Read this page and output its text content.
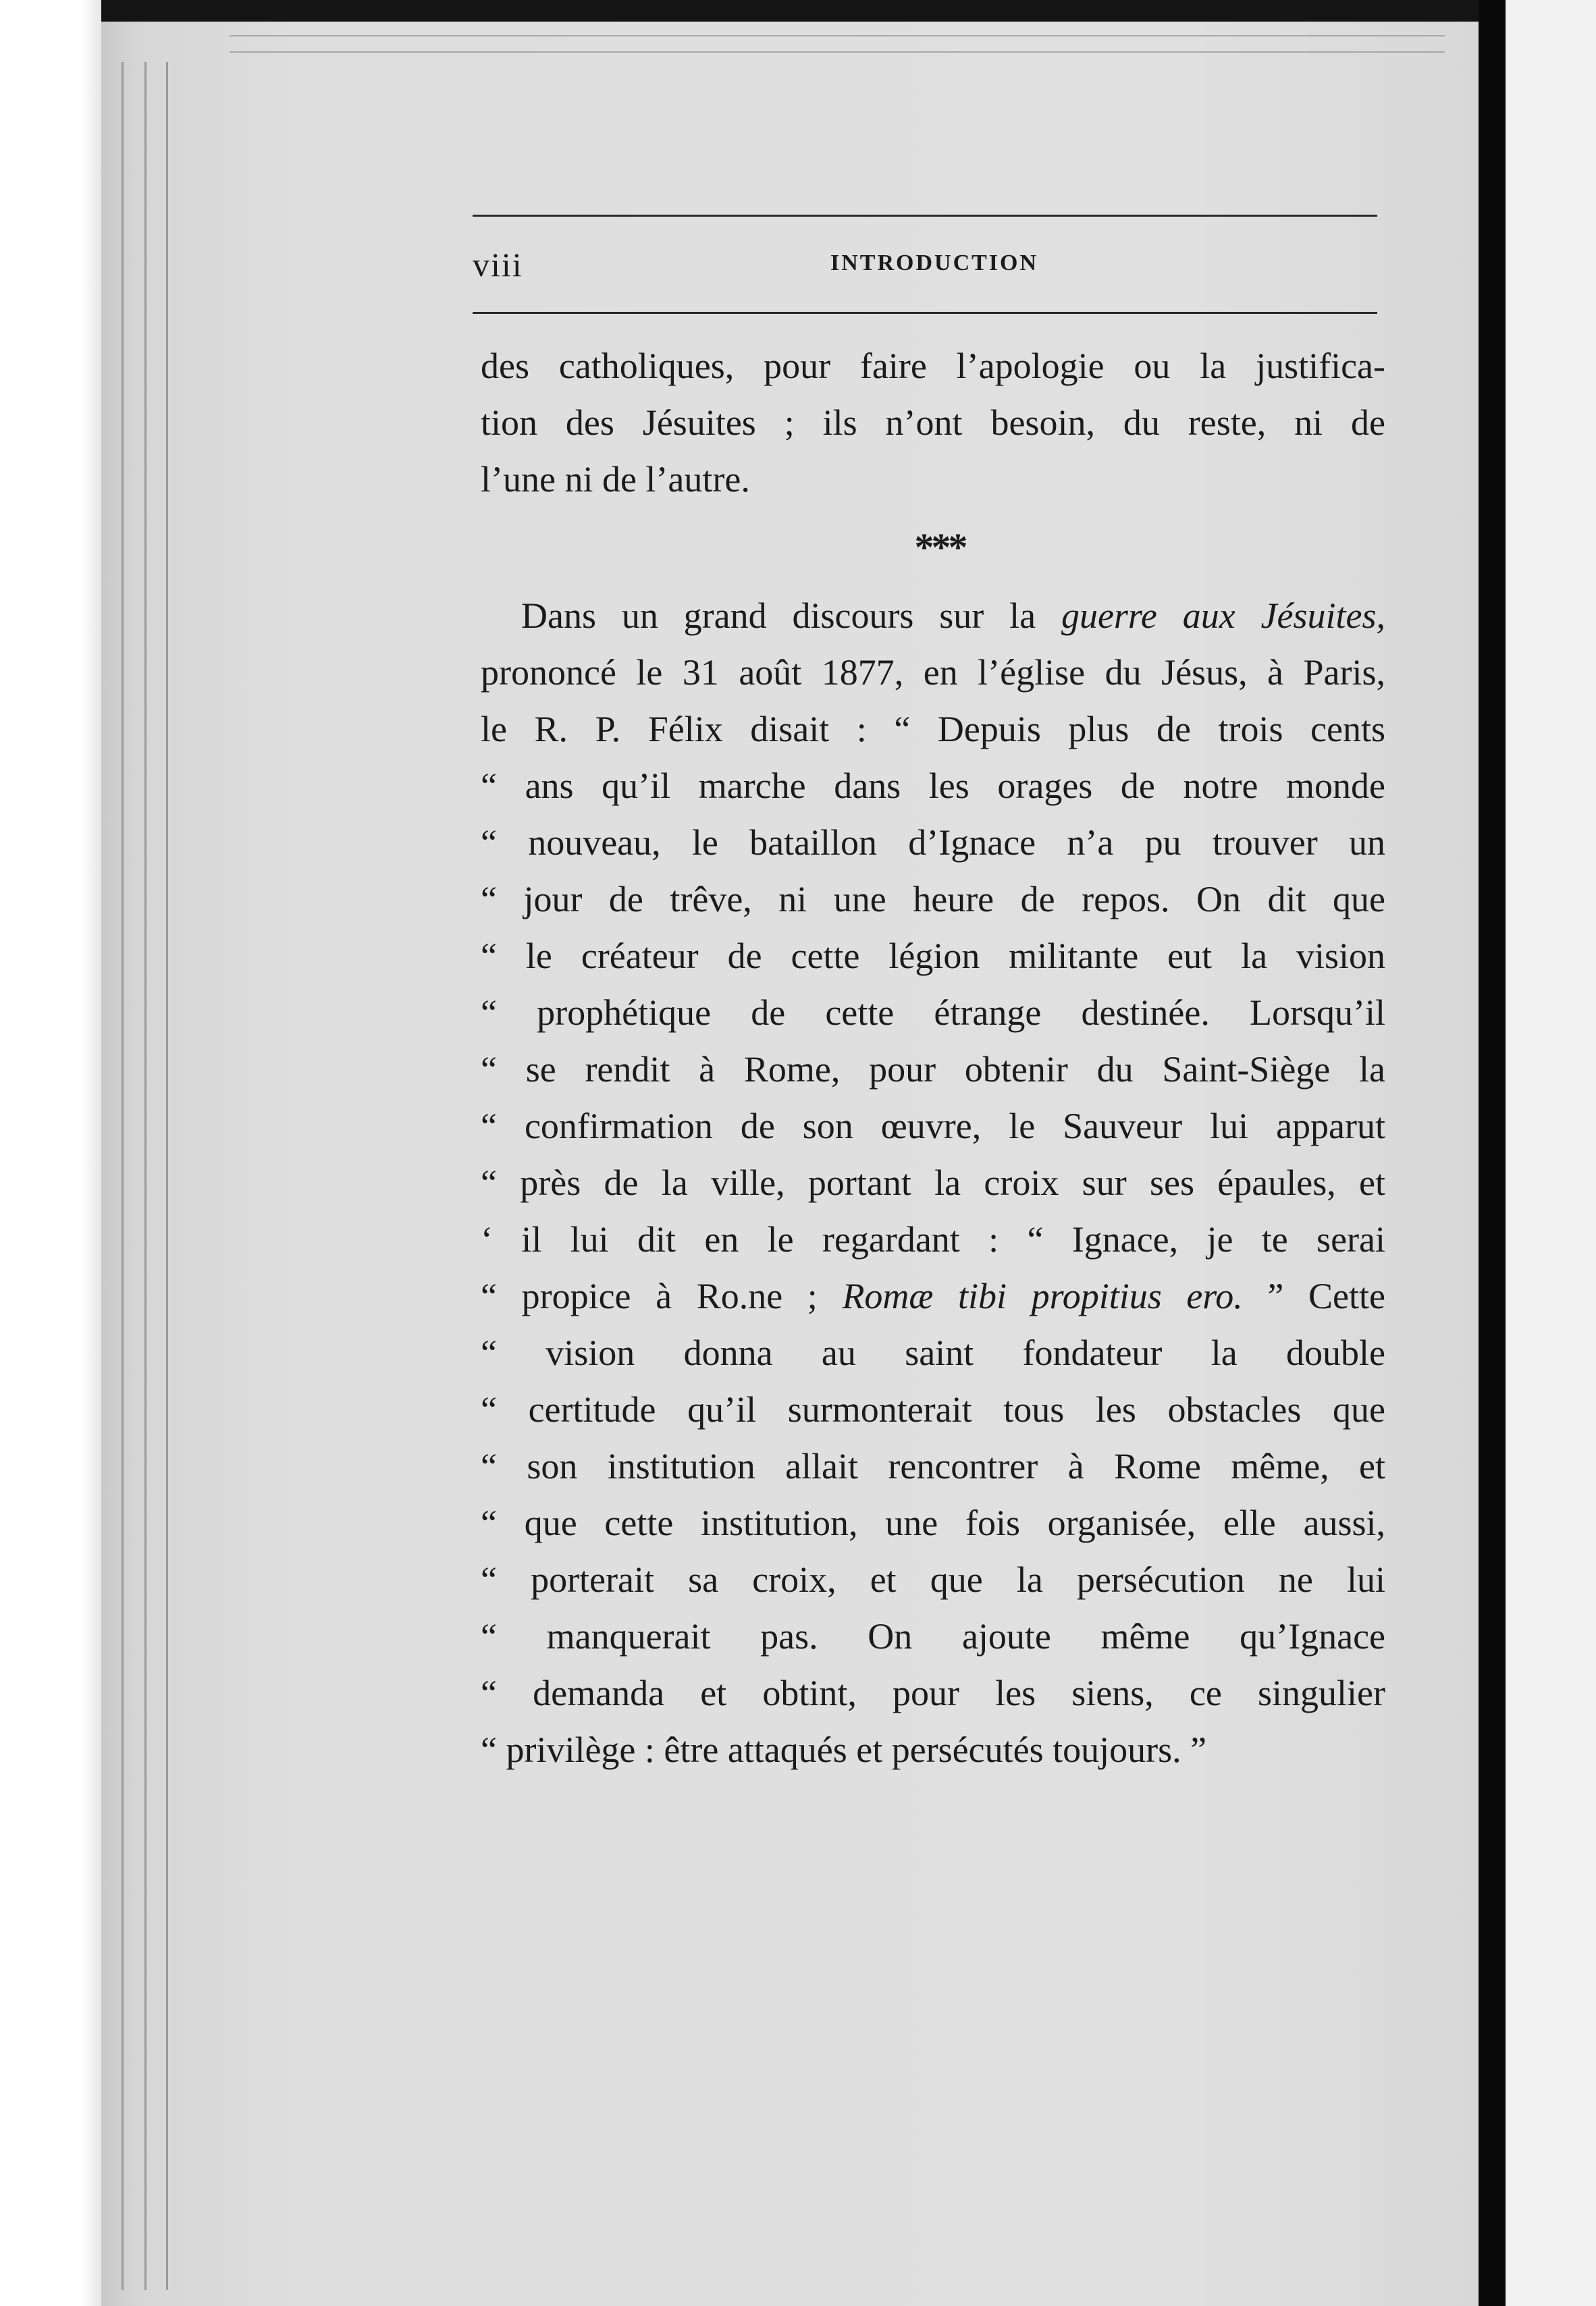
viii	INTRODUCTION
des catholiques, pour faire l’apologie ou la justifica-
tion des Jésuites ; ils n’ont besoin, du reste, ni de
l’une ni de l’autre.
***
Dans un grand discours sur la guerre aux Jésuites,
prononcé le 31 août 1877, en l’église du Jésus, à Paris,
le R. P. Félix disait : “ Depuis plus de trois cents
“ ans qu’il marche dans les orages de notre monde
“ nouveau, le bataillon d’Ignace n’a pu trouver un
“ jour de trêve, ni une heure de repos. On dit que
“ le créateur de cette légion militante eut la vision
“ prophétique de cette étrange destinée. Lorsqu’il
“ se rendit à Rome, pour obtenir du Saint-Siège la
“ confirmation de son œuvre, le Sauveur lui apparut
“ près de la ville, portant la croix sur ses épaules, et
‘ il lui dit en le regardant : “ Ignace, je te serai
“ propice à Ro.ne ; Romæ tibi propitius ero. ” Cette
“ vision donna au saint fondateur la double
“ certitude qu’il surmonterait tous les obstacles que
“ son institution allait rencontrer à Rome même, et
“ que cette institution, une fois organisée, elle aussi,
“ porterait sa croix, et que la persécution ne lui
“ manquerait pas. On ajoute même qu’Ignace
“ demanda et obtint, pour les siens, ce singulier
“ privilège : être attaqués et persécutés toujours. ”
